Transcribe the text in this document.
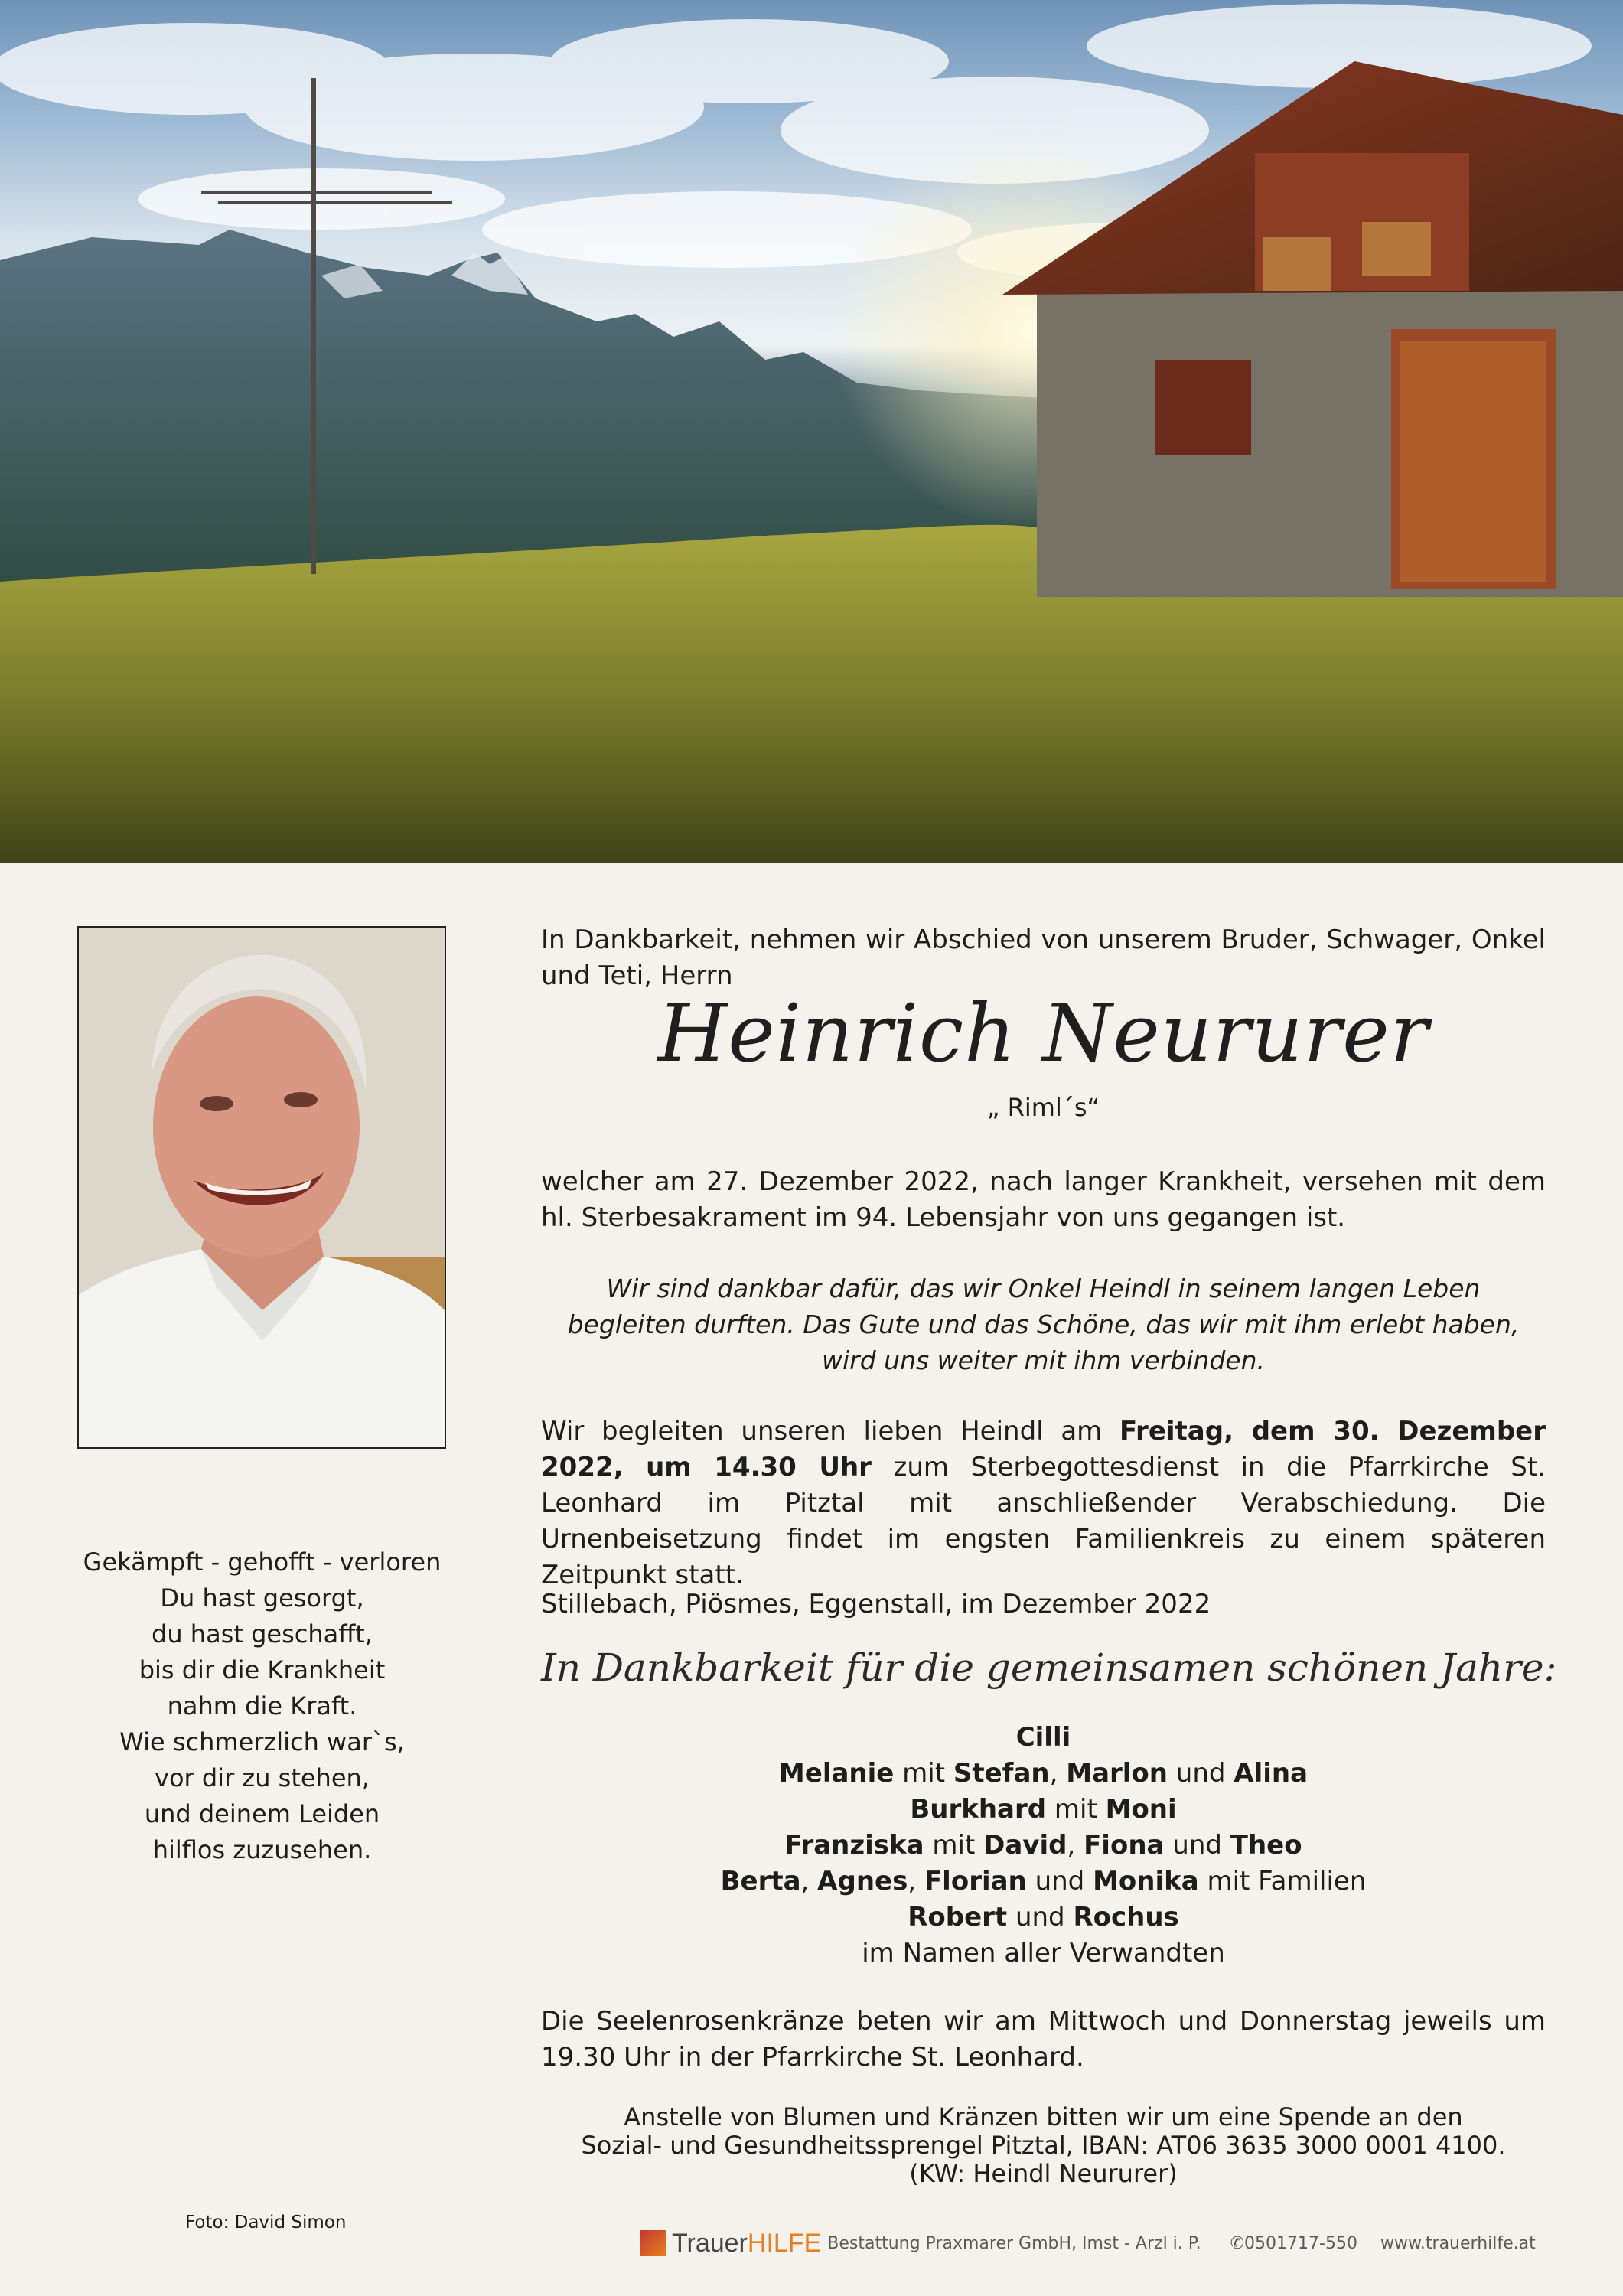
Gekämpft - gehofft - verloren
Du hast gesorgt,
du hast geschafft,
bis dir die Krankheit
nahm die Kraft.
Wie schmerzlich war`s,
vor dir zu stehen,
und deinem Leiden
hilflos zuzusehen.
Foto: David Simon
In Dankbarkeit, nehmen wir Abschied von unserem Bruder, Schwager, Onkel und Teti, Herrn
Heinrich Neururer
„ Riml´s“
welcher am 27. Dezember 2022, nach langer Krankheit, versehen mit dem hl. Sterbesakrament im 94. Lebensjahr von uns gegangen ist.
Wir sind dankbar dafür, das wir Onkel Heindl in seinem langen Leben
begleiten durften. Das Gute und das Schöne, das wir mit ihm erlebt haben,
wird uns weiter mit ihm verbinden.
Wir begleiten unseren lieben Heindl am Freitag, dem 30. Dezember 2022, um 14.30 Uhr zum Sterbegottesdienst in die Pfarrkirche St. Leonhard im Pitztal mit anschließender Verabschiedung. Die Urnenbeisetzung findet im engsten Familienkreis zu einem späteren Zeitpunkt statt.
Stillebach, Piösmes, Eggenstall, im Dezember 2022
In Dankbarkeit für die gemeinsamen schönen Jahre:
Cilli
Melanie mit Stefan, Marlon und Alina
Burkhard mit Moni
Franziska mit David, Fiona und Theo
Berta, Agnes, Florian und Monika mit Familien
Robert und Rochus
im Namen aller Verwandten
Die Seelenrosenkränze beten wir am Mittwoch und Donnerstag jeweils um 19.30 Uhr in der Pfarrkirche St. Leonhard.
Anstelle von Blumen und Kränzen bitten wir um eine Spende an den
Sozial- und Gesundheitssprengel Pitztal, IBAN: AT06 3635 3000 0001 4100.
(KW: Heindl Neururer)
TrauerHILFE Bestattung Praxmarer GmbH, Imst - Arzl i. P. ✆0501717-550 www.trauerhilfe.at
